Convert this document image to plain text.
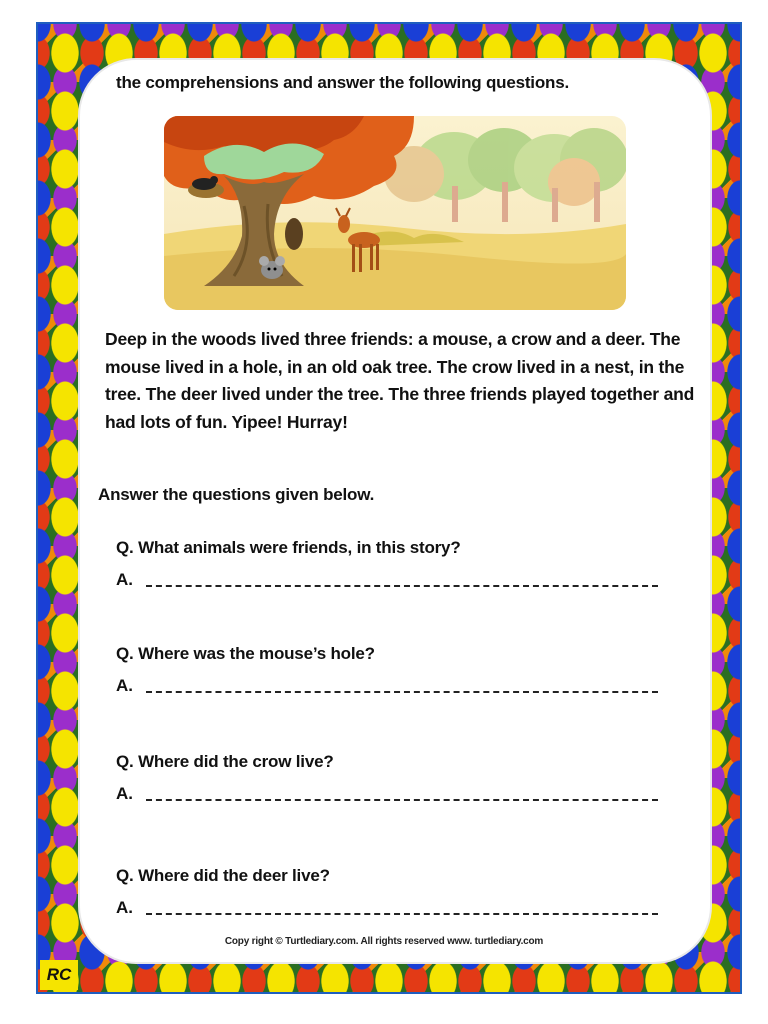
RC
the comprehensions and answer the following questions.
Deep in the woods lived three friends: a mouse, a crow and a deer. The mouse lived in a hole, in an old oak tree. The crow lived in a nest, in the tree. The deer lived under the tree. The three friends played together and had lots of fun. Yipee! Hurray!
Answer the questions given below.
Q. What animals were friends, in this story?
A.
Q. Where was the mouse’s hole?
A.
Q. Where did the crow live?
A.
Q. Where did the deer live?
A.
Copy right © Turtlediary.com. All rights reserved www. turtlediary.com
